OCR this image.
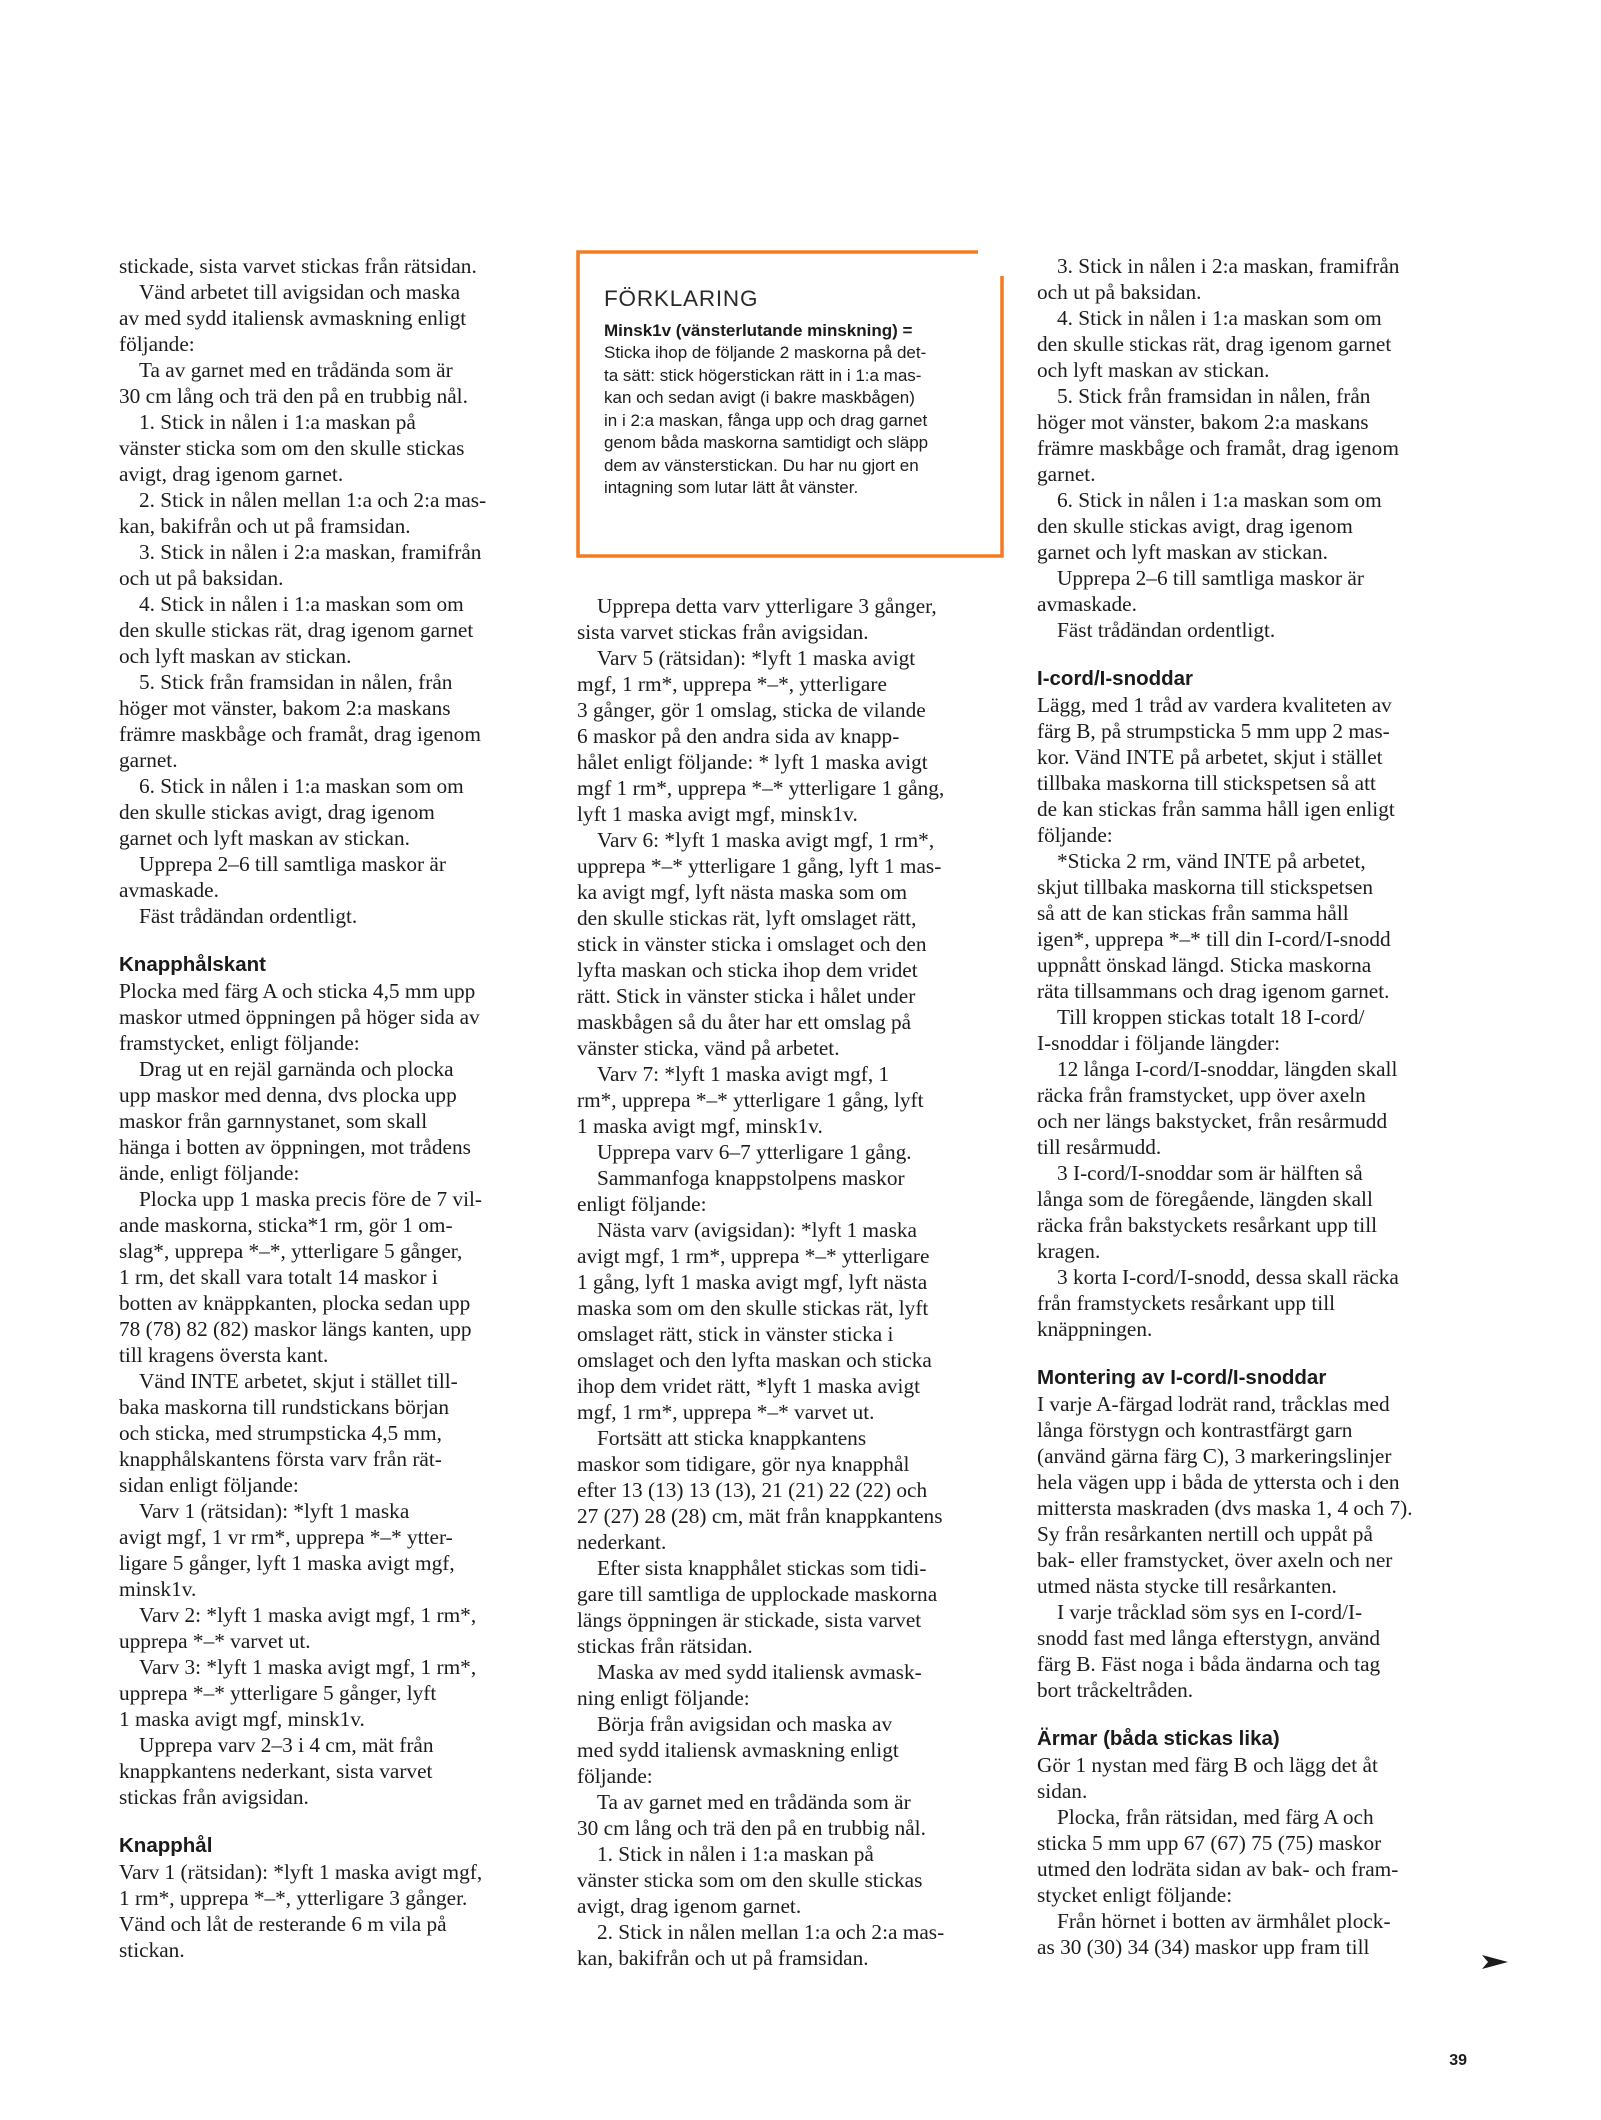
stickade, sista varvet stickas från rätsidan.
Vänd arbetet till avigsidan och maska
av med sydd italiensk avmaskning enligt
följande:
Ta av garnet med en trådända som är
30 cm lång och trä den på en trubbig nål.
1. Stick in nålen i 1:a maskan på
vänster sticka som om den skulle stickas
avigt, drag igenom garnet.
2. Stick in nålen mellan 1:a och 2:a mas-
kan, bakifrån och ut på framsidan.
3. Stick in nålen i 2:a maskan, framifrån
och ut på baksidan.
4. Stick in nålen i 1:a maskan som om
den skulle stickas rät, drag igenom garnet
och lyft maskan av stickan.
5. Stick från framsidan in nålen, från
höger mot vänster, bakom 2:a maskans
främre maskbåge och framåt, drag igenom
garnet.
6. Stick in nålen i 1:a maskan som om
den skulle stickas avigt, drag igenom
garnet och lyft maskan av stickan.
Upprepa 2–6 till samtliga maskor är
avmaskade.
Fäst trådändan ordentligt.
Knapphålskant
Plocka med färg A och sticka 4,5 mm upp
maskor utmed öppningen på höger sida av
framstycket, enligt följande:
Drag ut en rejäl garnända och plocka
upp maskor med denna, dvs plocka upp
maskor från garnnystanet, som skall
hänga i botten av öppningen, mot trådens
ände, enligt följande:
Plocka upp 1 maska precis före de 7 vil-
ande maskorna, sticka*1 rm, gör 1 om-
slag*, upprepa *–*, ytterligare 5 gånger,
1 rm, det skall vara totalt 14 maskor i
botten av knäppkanten, plocka sedan upp
78 (78) 82 (82) maskor längs kanten, upp
till kragens översta kant.
Vänd INTE arbetet, skjut i stället till-
baka maskorna till rundstickans början
och sticka, med strumpsticka 4,5 mm,
knapphålskantens första varv från rät-
sidan enligt följande:
Varv 1 (rätsidan): *lyft 1 maska
avigt mgf, 1 vr rm*, upprepa *–* ytter-
ligare 5 gånger, lyft 1 maska avigt mgf,
minsk1v.
Varv 2: *lyft 1 maska avigt mgf, 1 rm*,
upprepa *–* varvet ut.
Varv 3: *lyft 1 maska avigt mgf, 1 rm*,
upprepa *–* ytterligare 5 gånger, lyft
1 maska avigt mgf, minsk1v.
Upprepa varv 2–3 i 4 cm, mät från
knappkantens nederkant, sista varvet
stickas från avigsidan.
Knapphål
Varv 1 (rätsidan): *lyft 1 maska avigt mgf,
1 rm*, upprepa *–*, ytterligare 3 gånger.
Vänd och låt de resterande 6 m vila på
stickan.
FÖRKLARING
Minsk1v (vänsterlutande minskning) =
Sticka ihop de följande 2 maskorna på det-
ta sätt: stick högerstickan rätt in i 1:a mas-
kan och sedan avigt (i bakre maskbågen)
in i 2:a maskan, fånga upp och drag garnet
genom båda maskorna samtidigt och släpp
dem av vänsterstickan. Du har nu gjort en
intagning som lutar lätt åt vänster.
Upprepa detta varv ytterligare 3 gånger,
sista varvet stickas från avigsidan.
Varv 5 (rätsidan): *lyft 1 maska avigt
mgf, 1 rm*, upprepa *–*, ytterligare
3 gånger, gör 1 omslag, sticka de vilande
6 maskor på den andra sida av knapp-
hålet enligt följande: * lyft 1 maska avigt
mgf 1 rm*, upprepa *–* ytterligare 1 gång,
lyft 1 maska avigt mgf, minsk1v.
Varv 6: *lyft 1 maska avigt mgf, 1 rm*,
upprepa *–* ytterligare 1 gång, lyft 1 mas-
ka avigt mgf, lyft nästa maska som om
den skulle stickas rät, lyft omslaget rätt,
stick in vänster sticka i omslaget och den
lyfta maskan och sticka ihop dem vridet
rätt. Stick in vänster sticka i hålet under
maskbågen så du åter har ett omslag på
vänster sticka, vänd på arbetet.
Varv 7: *lyft 1 maska avigt mgf, 1
rm*, upprepa *–* ytterligare 1 gång, lyft
1 maska avigt mgf, minsk1v.
Upprepa varv 6–7 ytterligare 1 gång.
Sammanfoga knappstolpens maskor
enligt följande:
Nästa varv (avigsidan): *lyft 1 maska
avigt mgf, 1 rm*, upprepa *–* ytterligare
1 gång, lyft 1 maska avigt mgf, lyft nästa
maska som om den skulle stickas rät, lyft
omslaget rätt, stick in vänster sticka i
omslaget och den lyfta maskan och sticka
ihop dem vridet rätt, *lyft 1 maska avigt
mgf, 1 rm*, upprepa *–* varvet ut.
Fortsätt att sticka knappkantens
maskor som tidigare, gör nya knapphål
efter 13 (13) 13 (13), 21 (21) 22 (22) och
27 (27) 28 (28) cm, mät från knappkantens
nederkant.
Efter sista knapphålet stickas som tidi-
gare till samtliga de upplockade maskorna
längs öppningen är stickade, sista varvet
stickas från rätsidan.
Maska av med sydd italiensk avmask-
ning enligt följande:
Börja från avigsidan och maska av
med sydd italiensk avmaskning enligt
följande:
Ta av garnet med en trådända som är
30 cm lång och trä den på en trubbig nål.
1. Stick in nålen i 1:a maskan på
vänster sticka som om den skulle stickas
avigt, drag igenom garnet.
2. Stick in nålen mellan 1:a och 2:a mas-
kan, bakifrån och ut på framsidan.
3. Stick in nålen i 2:a maskan, framifrån
och ut på baksidan.
4. Stick in nålen i 1:a maskan som om
den skulle stickas rät, drag igenom garnet
och lyft maskan av stickan.
5. Stick från framsidan in nålen, från
höger mot vänster, bakom 2:a maskans
främre maskbåge och framåt, drag igenom
garnet.
6. Stick in nålen i 1:a maskan som om
den skulle stickas avigt, drag igenom
garnet och lyft maskan av stickan.
Upprepa 2–6 till samtliga maskor är
avmaskade.
Fäst trådändan ordentligt.
I-cord/I-snoddar
Lägg, med 1 tråd av vardera kvaliteten av
färg B, på strumpsticka 5 mm upp 2 mas-
kor. Vänd INTE på arbetet, skjut i stället
tillbaka maskorna till stickspetsen så att
de kan stickas från samma håll igen enligt
följande:
*Sticka 2 rm, vänd INTE på arbetet,
skjut tillbaka maskorna till stickspetsen
så att de kan stickas från samma håll
igen*, upprepa *–* till din I-cord/I-snodd
uppnått önskad längd. Sticka maskorna
räta tillsammans och drag igenom garnet.
Till kroppen stickas totalt 18 I-cord/
I-snoddar i följande längder:
12 långa I-cord/I-snoddar, längden skall
räcka från framstycket, upp över axeln
och ner längs bakstycket, från resårmudd
till resårmudd.
3 I-cord/I-snoddar som är hälften så
långa som de föregående, längden skall
räcka från bakstyckets resårkant upp till
kragen.
3 korta I-cord/I-snodd, dessa skall räcka
från framstyckets resårkant upp till
knäppningen.
Montering av I-cord/I-snoddar
I varje A-färgad lodrät rand, tråcklas med
långa förstygn och kontrastfärgt garn
(använd gärna färg C), 3 markeringslinjer
hela vägen upp i båda de yttersta och i den
mittersta maskraden (dvs maska 1, 4 och 7).
Sy från resårkanten nertill och uppåt på
bak- eller framstycket, över axeln och ner
utmed nästa stycke till resårkanten.
I varje tråcklad söm sys en I-cord/I-
snodd fast med långa efterstygn, använd
färg B. Fäst noga i båda ändarna och tag
bort tråckeltråden.
Ärmar (båda stickas lika)
Gör 1 nystan med färg B och lägg det åt
sidan.
Plocka, från rätsidan, med färg A och
sticka 5 mm upp 67 (67) 75 (75) maskor
utmed den lodräta sidan av bak- och fram-
stycket enligt följande:
Från hörnet i botten av ärmhålet plock-
as 30 (30) 34 (34) maskor upp fram till
39
